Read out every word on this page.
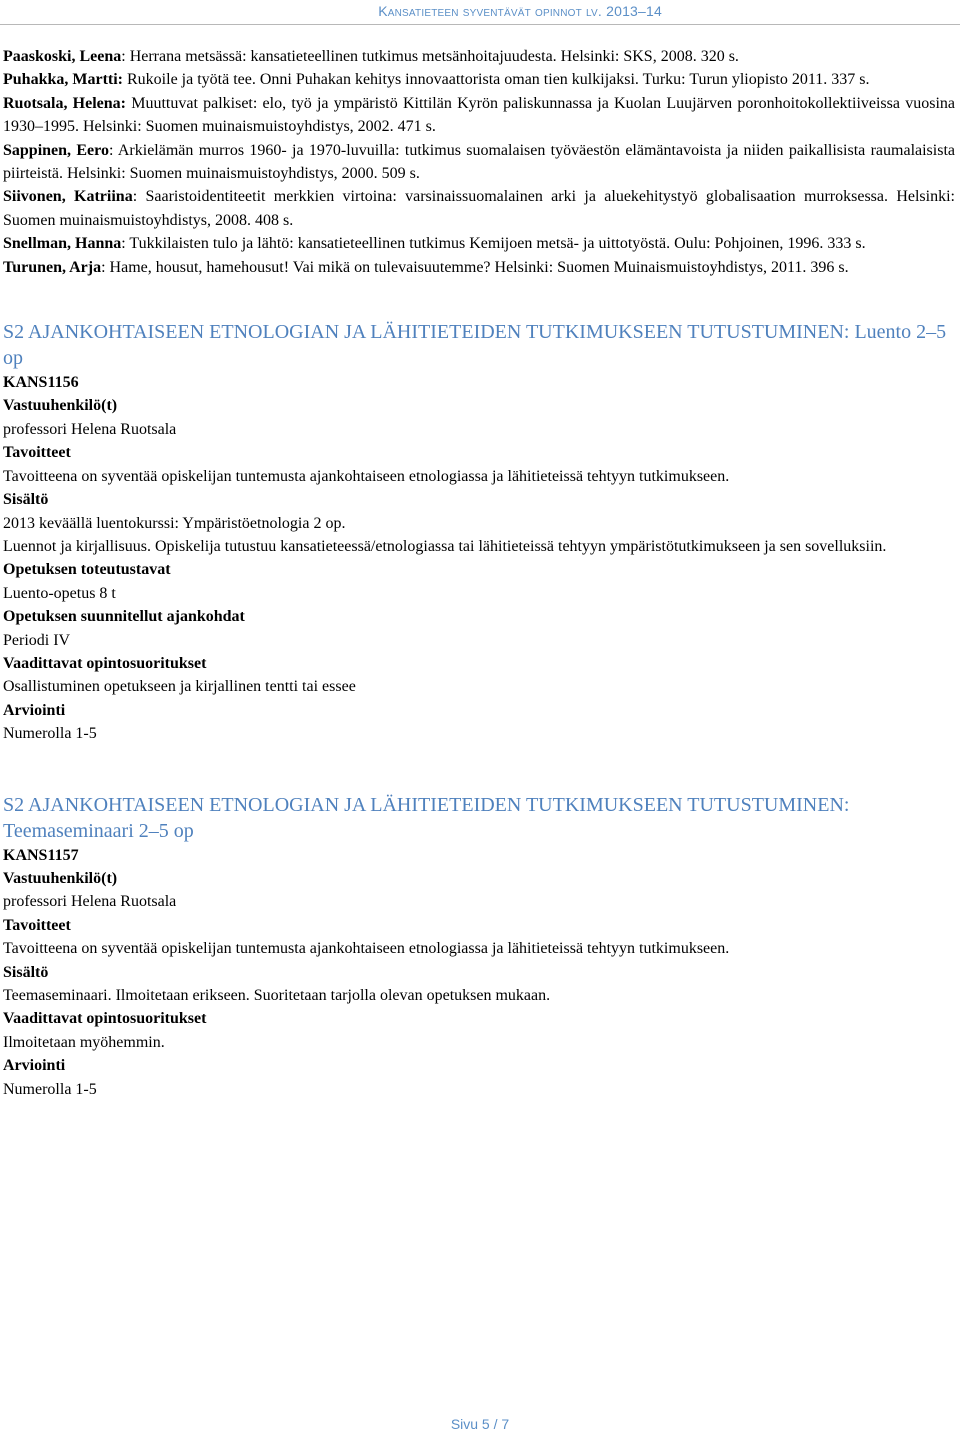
Kansatieteen syventävät opinnot lv. 2013–14

Paaskoski, Leena: Herrana metsässä: kansatieteellinen tutkimus metsänhoitajuudesta. Helsinki: SKS, 2008. 320 s.

Puhakka, Martti: Rukoile ja työtä tee. Onni Puhakan kehitys innovaattorista oman tien kulkijaksi. Turku: Turun yliopisto 2011. 337 s.

Ruotsala, Helena: Muuttuvat palkiset: elo, työ ja ympäristö Kittilän Kyrön paliskunnassa ja Kuolan Luujärven poronhoitokollektiiveissa vuosina 1930–1995. Helsinki: Suomen muinaismuistoyhdistys, 2002. 471 s.

Sappinen, Eero: Arkielämän murros 1960- ja 1970-luvuilla: tutkimus suomalaisen työväestön elämäntavoista ja niiden paikallisista raumalaisista piirteistä. Helsinki: Suomen muinaismuistoyhdistys, 2000. 509 s.

Siivonen, Katriina: Saaristoidentiteetit merkkien virtoina: varsinaissuomalainen arki ja aluekehitystyö globalisaation murroksessa. Helsinki: Suomen muinaismuistoyhdistys, 2008. 408 s.

Snellman, Hanna: Tukkilaisten tulo ja lähtö: kansatieteellinen tutkimus Kemijoen metsä- ja uittotyöstä. Oulu: Pohjoinen, 1996. 333 s.

Turunen, Arja: Hame, housut, hamehousut! Vai mikä on tulevaisuutemme? Helsinki: Suomen Muinaismuistoyhdistys, 2011. 396 s.

S2 AJANKOHTAISEEN ETNOLOGIAN JA LÄHITIETEIDEN TUTKIMUKSEEN TUTUSTUMINEN: Luento 2–5 op
KANS1156
Vastuuhenkilö(t)
professori Helena Ruotsala
Tavoitteet
Tavoitteena on syventää opiskelijan tuntemusta ajankohtaiseen etnologiassa ja lähitieteissä tehtyyn tutkimukseen.
Sisältö
2013 keväällä luentokurssi: Ympäristöetnologia 2 op.
Luennot ja kirjallisuus. Opiskelija tutustuu kansatieteessä/etnologiassa tai lähitieteissä tehtyyn ympäristötutkimukseen ja sen sovelluksiin.
Opetuksen toteutustavat
Luento-opetus 8 t
Opetuksen suunnitellut ajankohdat
Periodi IV
Vaadittavat opintosuoritukset
Osallistuminen opetukseen ja kirjallinen tentti tai essee
Arviointi
Numerolla 1-5
S2 AJANKOHTAISEEN ETNOLOGIAN JA LÄHITIETEIDEN TUTKIMUKSEEN TUTUSTUMINEN: Teemaseminaari 2–5 op
KANS1157
Vastuuhenkilö(t)
professori Helena Ruotsala
Tavoitteet
Tavoitteena on syventää opiskelijan tuntemusta ajankohtaiseen etnologiassa ja lähitieteissä tehtyyn tutkimukseen.
Sisältö
Teemaseminaari. Ilmoitetaan erikseen. Suoritetaan tarjolla olevan opetuksen mukaan.
Vaadittavat opintosuoritukset
Ilmoitetaan myöhemmin.
Arviointi
Numerolla 1-5
Sivu 5 / 7
